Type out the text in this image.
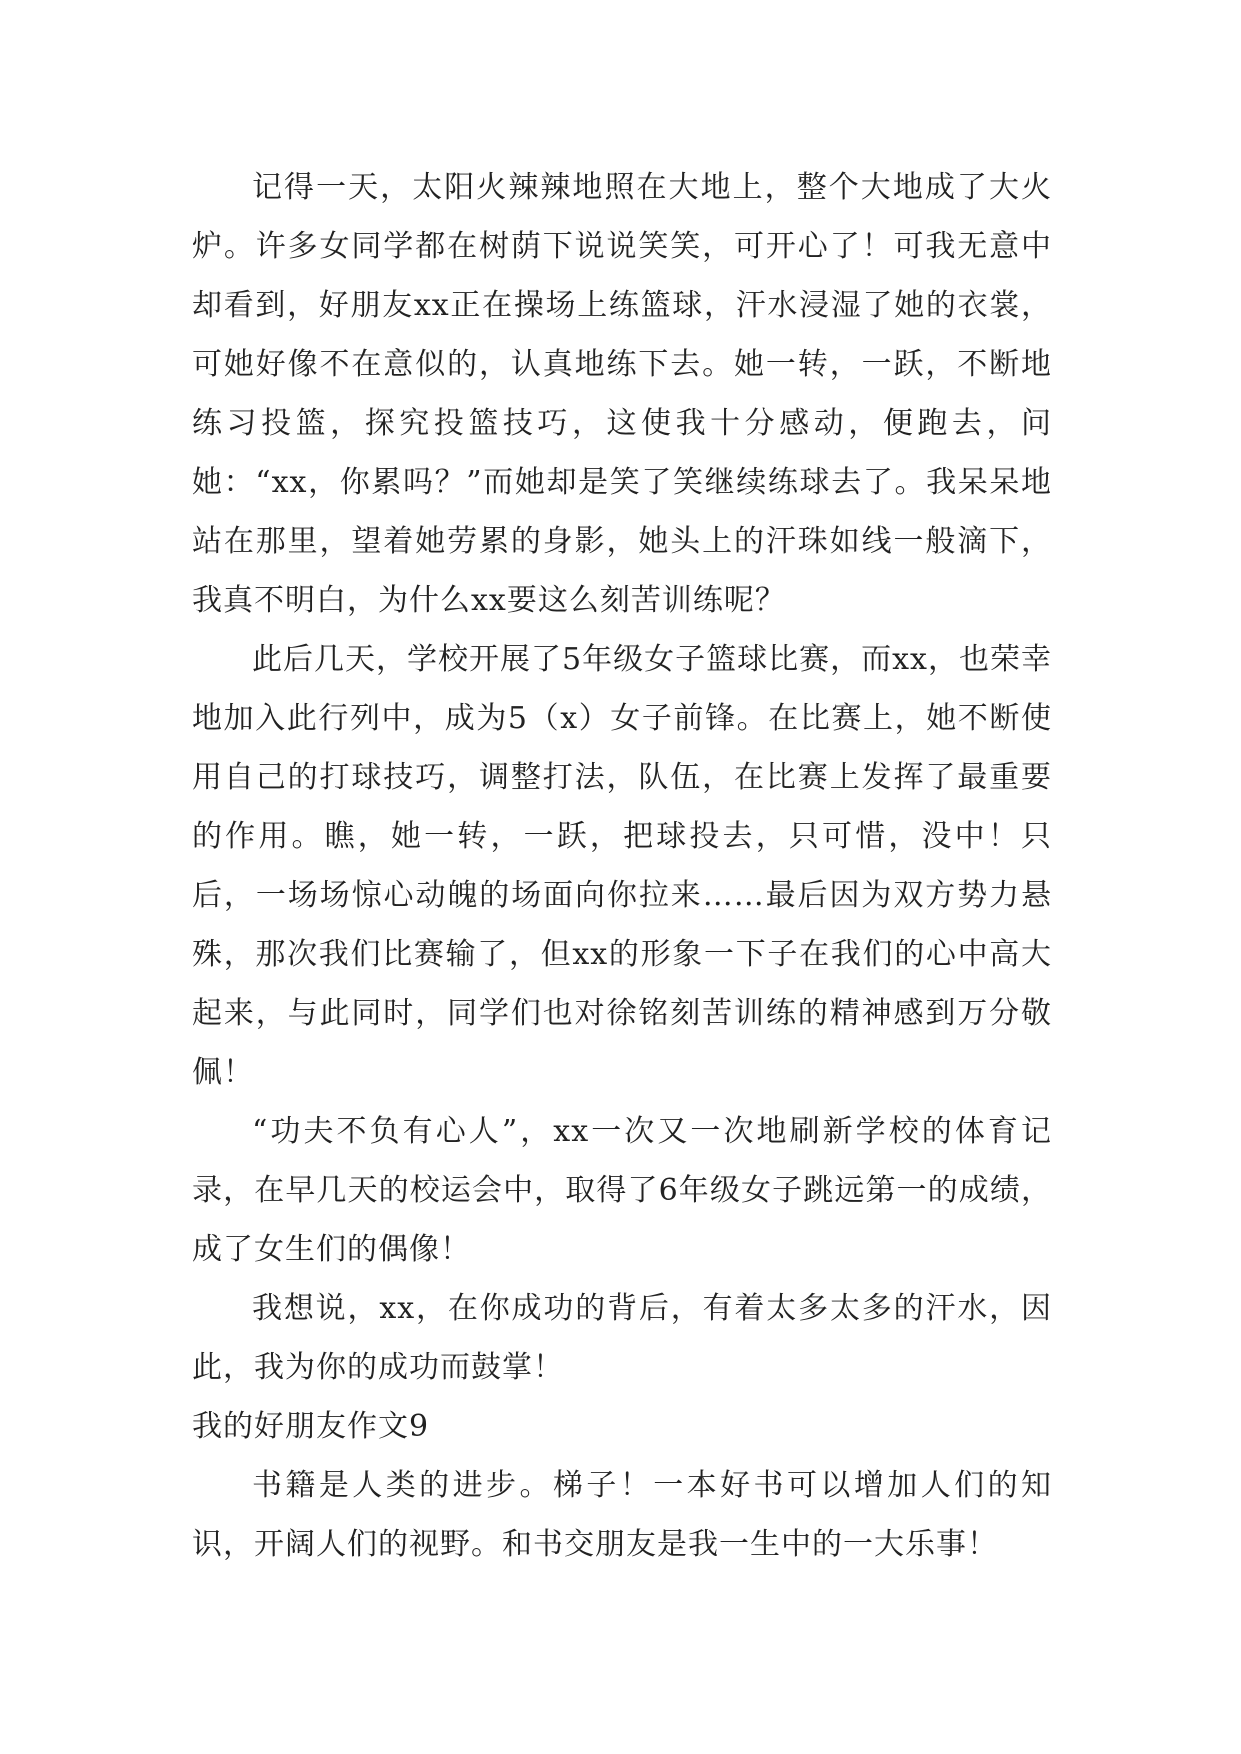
记得一天，太阳火辣辣地照在大地上，整个大地成了大火炉。许多女同学都在树荫下说说笑笑，可开心了！可我无意中却看到，好朋友xx正在操场上练篮球，汗水浸湿了她的衣裳，可她好像不在意似的，认真地练下去。她一转，一跃，不断地练习投篮，探究投篮技巧，这使我十分感动，便跑去，问她：“xx，你累吗？”而她却是笑了笑继续练球去了。我呆呆地站在那里，望着她劳累的身影，她头上的汗珠如线一般滴下，我真不明白，为什么xx要这么刻苦训练呢？

此后几天，学校开展了5年级女子篮球比赛，而xx，也荣幸地加入此行列中，成为5（x）女子前锋。在比赛上，她不断使用自己的打球技巧，调整打法，队伍，在比赛上发挥了最重要的作用。瞧，她一转，一跃，把球投去，只可惜，没中！只后，一场场惊心动魄的场面向你拉来……最后因为双方势力悬殊，那次我们比赛输了，但xx的形象一下子在我们的心中高大起来，与此同时，同学们也对徐铭刻苦训练的精神感到万分敬佩！

“功夫不负有心人”，xx一次又一次地刷新学校的体育记录，在早几天的校运会中，取得了6年级女子跳远第一的成绩，成了女生们的偶像！

我想说，xx，在你成功的背后，有着太多太多的汗水，因此，我为你的成功而鼓掌！

我的好朋友作文9

书籍是人类的进步。梯子！一本好书可以增加人们的知识，开阔人们的视野。和书交朋友是我一生中的一大乐事！
